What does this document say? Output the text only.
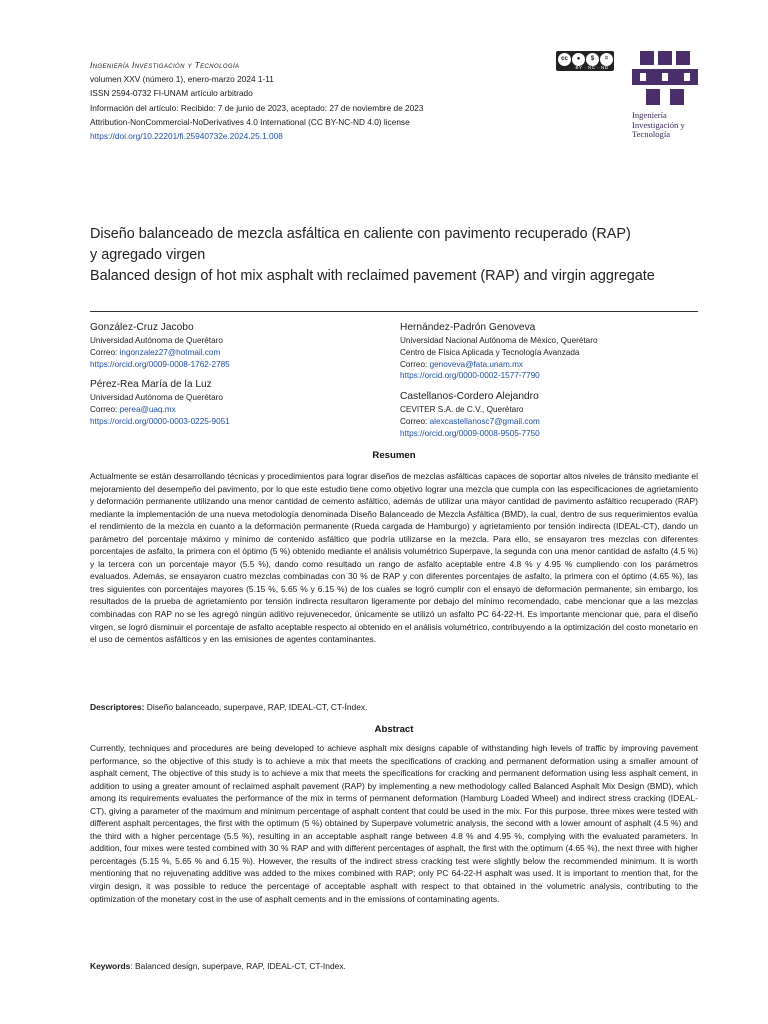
Ingeniería Investigación y Tecnología
volumen XXV (número 1), enero-marzo 2024 1-11
ISSN 2594-0732 FI-UNAM artículo arbitrado
Información del artículo: Recibido: 7 de junio de 2023, aceptado: 27 de noviembre de 2023
Attribution-NonCommercial-NoDerivatives 4.0 International (CC BY-NC-ND 4.0) license
https://doi.org/10.22201/fi.25940732e.2024.25.1.008
cc	●	$	=
BY · NC · ND
Ingeniería
Investigación y
Tecnología
Diseño balanceado de mezcla asfáltica en caliente con pavimento recuperado (RAP)
y agregado virgen
Balanced design of hot mix asphalt with reclaimed pavement (RAP) and virgin aggregate
González-Cruz Jacobo
Universidad Autónoma de Querétaro
Correo: ingonzalez27@hotmail.com
https://orcid.org/0009-0008-1762-2785
Pérez-Rea María de la Luz
Universidad Autónoma de Querétaro
Correo: perea@uaq.mx
https://orcid.org/0000-0003-0225-9051
Hernández-Padrón Genoveva
Universidad Nacional Autónoma de México, Querétaro
Centro de Física Aplicada y Tecnología Avanzada
Correo: genoveva@fata.unam.mx
https://orcid.org/0000-0002-1577-7790
Castellanos-Cordero Alejandro
CEVITER S.A. de C.V., Querétaro
Correo: alexcastellanosc7@gmail.com
https://orcid.org/0009-0008-9505-7750
Resumen
Actualmente se están desarrollando técnicas y procedimientos para lograr diseños de mezclas asfálticas capaces de soportar altos niveles de tránsito mediante el mejoramiento del desempeño del pavimento, por lo que este estudio tiene como objetivo lograr una mezcla que cumpla con las especificaciones de agrietamiento y deformación permanente utilizando una menor cantidad de cemento asfáltico, además de utilizar una mayor cantidad de pavimento asfáltico recuperado (RAP) mediante la implementación de una nueva metodología denominada Diseño Balanceado de Mezcla Asfáltica (BMD), la cual, dentro de sus requerimientos evalúa el rendimiento de la mezcla en cuanto a la deformación permanente (Rueda cargada de Hamburgo) y agrietamiento por tensión indirecta (IDEAL-CT), dando un parámetro del porcentaje máximo y mínimo de contenido asfáltico que podría utilizarse en la mezcla. Para ello, se ensayaron tres mezclas con diferentes porcentajes de asfalto, la primera con el óptimo (5 %) obtenido mediante el análisis volumétrico Superpave, la segunda con una menor cantidad de asfalto (4.5 %) y la tercera con un porcentaje mayor (5.5 %), dando como resultado un rango de asfalto aceptable entre 4.8 % y 4.95 % cumpliendo con los parámetros evaluados. Además, se ensayaron cuatro mezclas combinadas con 30 % de RAP y con diferentes porcentajes de asfalto, la primera con el óptimo (4.65 %), las tres siguientes con porcentajes mayores (5.15 %, 5.65 % y 6.15 %) de los cuales se logró cumplir con el ensayo de deformación permanente; sin embargo, los resultados de la prueba de agrietamiento por tensión indirecta resultaron ligeramente por debajo del mínimo recomendado, cabe mencionar que a las mezclas combinadas con RAP no se les agregó ningún aditivo rejuvenecedor, únicamente se utilizó un asfalto PC 64-22-H. Es importante mencionar que, para el diseño virgen, se logró disminuir el porcentaje de asfalto aceptable respecto al obtenido en el análisis volumétrico, contribuyendo a la optimización del costo monetario en el uso de cementos asfálticos y en las emisiones de agentes contaminantes.
Descriptores: Diseño balanceado, superpave, RAP, IDEAL-CT, CT-Índex.
Abstract
Currently, techniques and procedures are being developed to achieve asphalt mix designs capable of withstanding high levels of traffic by improving pavement performance, so the objective of this study is to achieve a mix that meets the specifications of cracking and permanent deformation using a smaller amount of asphalt cement, The objective of this study is to achieve a mix that meets the specifications for cracking and permanent deformation using less asphalt cement, in addition to using a greater amount of reclaimed asphalt pavement (RAP) by implementing a new methodology called Balanced Asphalt Mix Design (BMD), which among its requirements evaluates the performance of the mix in terms of permanent deformation (Hamburg Loaded Wheel) and indirect stress cracking (IDEAL-CT), giving a parameter of the maximum and minimum percentage of asphalt content that could be used in the mix. For this purpose, three mixes were tested with different asphalt percentages, the first with the optimum (5 %) obtained by Superpave volumetric analysis, the second with a lower amount of asphalt (4.5 %) and the third with a higher percentage (5.5 %), resulting in an acceptable asphalt range between 4.8 % and 4.95 %, complying with the evaluated parameters. In addition, four mixes were tested combined with 30 % RAP and with different percentages of asphalt, the first with the optimum (4.65 %), the next three with higher percentages (5.15 %, 5.65 % and 6.15 %). However, the results of the indirect stress cracking test were slightly below the recommended minimum. It is worth mentioning that no rejuvenating additive was added to the mixes combined with RAP; only PC 64-22-H asphalt was used. It is important to mention that, for the virgin design, it was possible to reduce the percentage of acceptable asphalt with respect to that obtained in the volumetric analysis, contributing to the optimization of the monetary cost in the use of asphalt cements and in the emissions of contaminating agents.
Keywords: Balanced design, superpave, RAP, IDEAL-CT, CT-Index.
